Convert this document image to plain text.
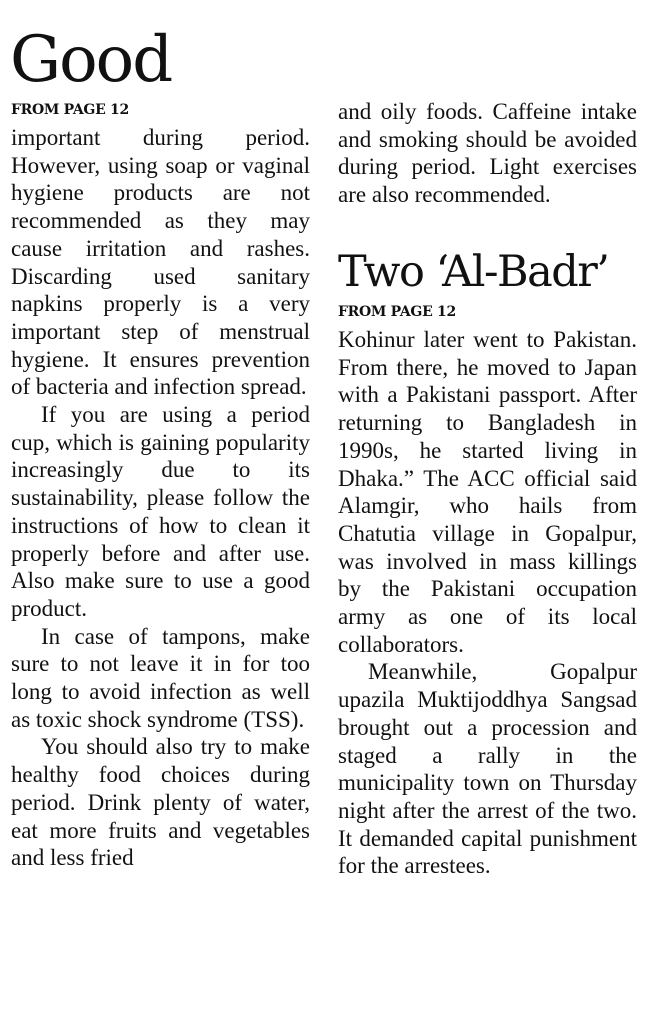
Good
FROM PAGE 12

important during period. However, using soap or vaginal hygiene products are not recommended as they may cause irritation and rashes. Discarding used sanitary napkins properly is a very important step of menstrual hygiene. It ensures prevention of bacteria and infection spread.

If you are using a period cup, which is gaining popularity increasingly due to its sustainability, please follow the instructions of how to clean it properly before and after use. Also make sure to use a good product.

In case of tampons, make sure to not leave it in for too long to avoid infection as well as toxic shock syndrome (TSS).

You should also try to make healthy food choices during period. Drink plenty of water, eat more fruits and vegetables and less fried

and oily foods. Caffeine intake and smoking should be avoided during period. Light exercises are also recommended.

Two ‘Al-Badr’
FROM PAGE 12

Kohinur later went to Pakistan. From there, he moved to Japan with a Pakistani passport. After returning to Bangladesh in 1990s, he started living in Dhaka.” The ACC official said Alamgir, who hails from Chatutia village in Gopalpur, was involved in mass killings by the Pakistani occupation army as one of its local collaborators.

Meanwhile, Gopalpur upazila Muktijoddhya Sangsad brought out a procession and staged a rally in the municipality town on Thursday night after the arrest of the two. It demanded capital punishment for the arrestees.
